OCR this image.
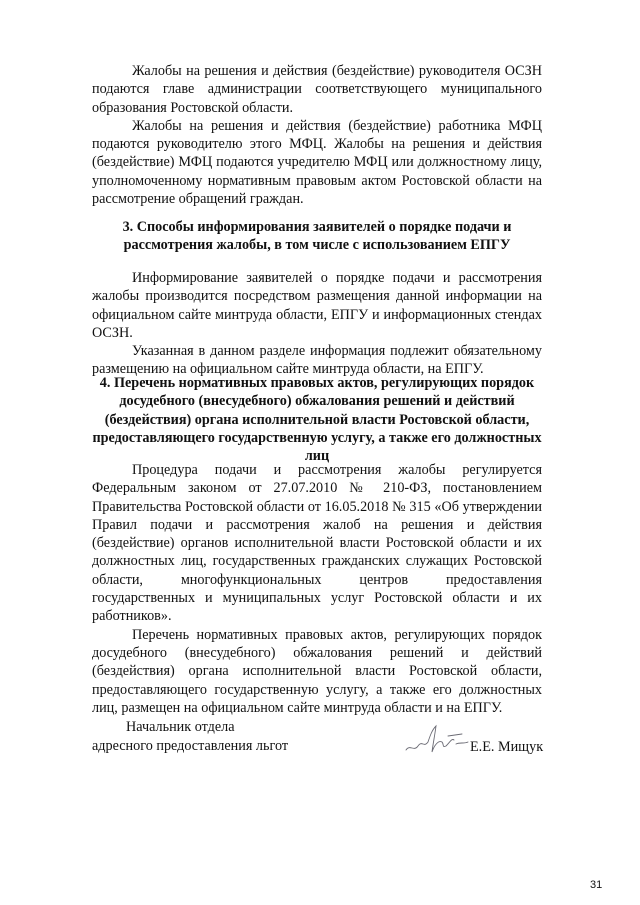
Жалобы на решения и действия (бездействие) руководителя ОСЗН подаются главе администрации соответствующего муниципального образования Ростовской области.

Жалобы на решения и действия (бездействие) работника МФЦ подаются руководителю этого МФЦ. Жалобы на решения и действия (бездействие) МФЦ подаются учредителю МФЦ или должностному лицу, уполномоченному нормативным правовым актом Ростовской области на рассмотрение обращений граждан.

3. Способы информирования заявителей о порядке подачи и рассмотрения жалобы, в том числе с использованием ЕПГУ

Информирование заявителей о порядке подачи и рассмотрения жалобы производится посредством размещения данной информации на официальном сайте минтруда области, ЕПГУ и информационных стендах ОСЗН.

Указанная в данном разделе информация подлежит обязательному размещению на официальном сайте минтруда области, на ЕПГУ.

4. Перечень нормативных правовых актов, регулирующих порядок досудебного (внесудебного) обжалования решений и действий (бездействия) органа исполнительной власти Ростовской области, предоставляющего государственную услугу, а также его должностных лиц

Процедура подачи и рассмотрения жалобы регулируется Федеральным законом от 27.07.2010 № 210-ФЗ, постановлением Правительства Ростовской области от 16.05.2018 № 315 «Об утверждении Правил подачи и рассмотрения жалоб на решения и действия (бездействие) органов исполнительной власти Ростовской области и их должностных лиц, государственных гражданских служащих Ростовской области, многофункциональных центров предоставления государственных и муниципальных услуг Ростовской области и их работников».

Перечень нормативных правовых актов, регулирующих порядок досудебного (внесудебного) обжалования решений и действий (бездействия) органа исполнительной власти Ростовской области, предоставляющего государственную услугу, а также его должностных лиц, размещен на официальном сайте минтруда области и на ЕПГУ.

Начальник отдела
адресного предоставления льгот	Е.Е. Мищук
31
